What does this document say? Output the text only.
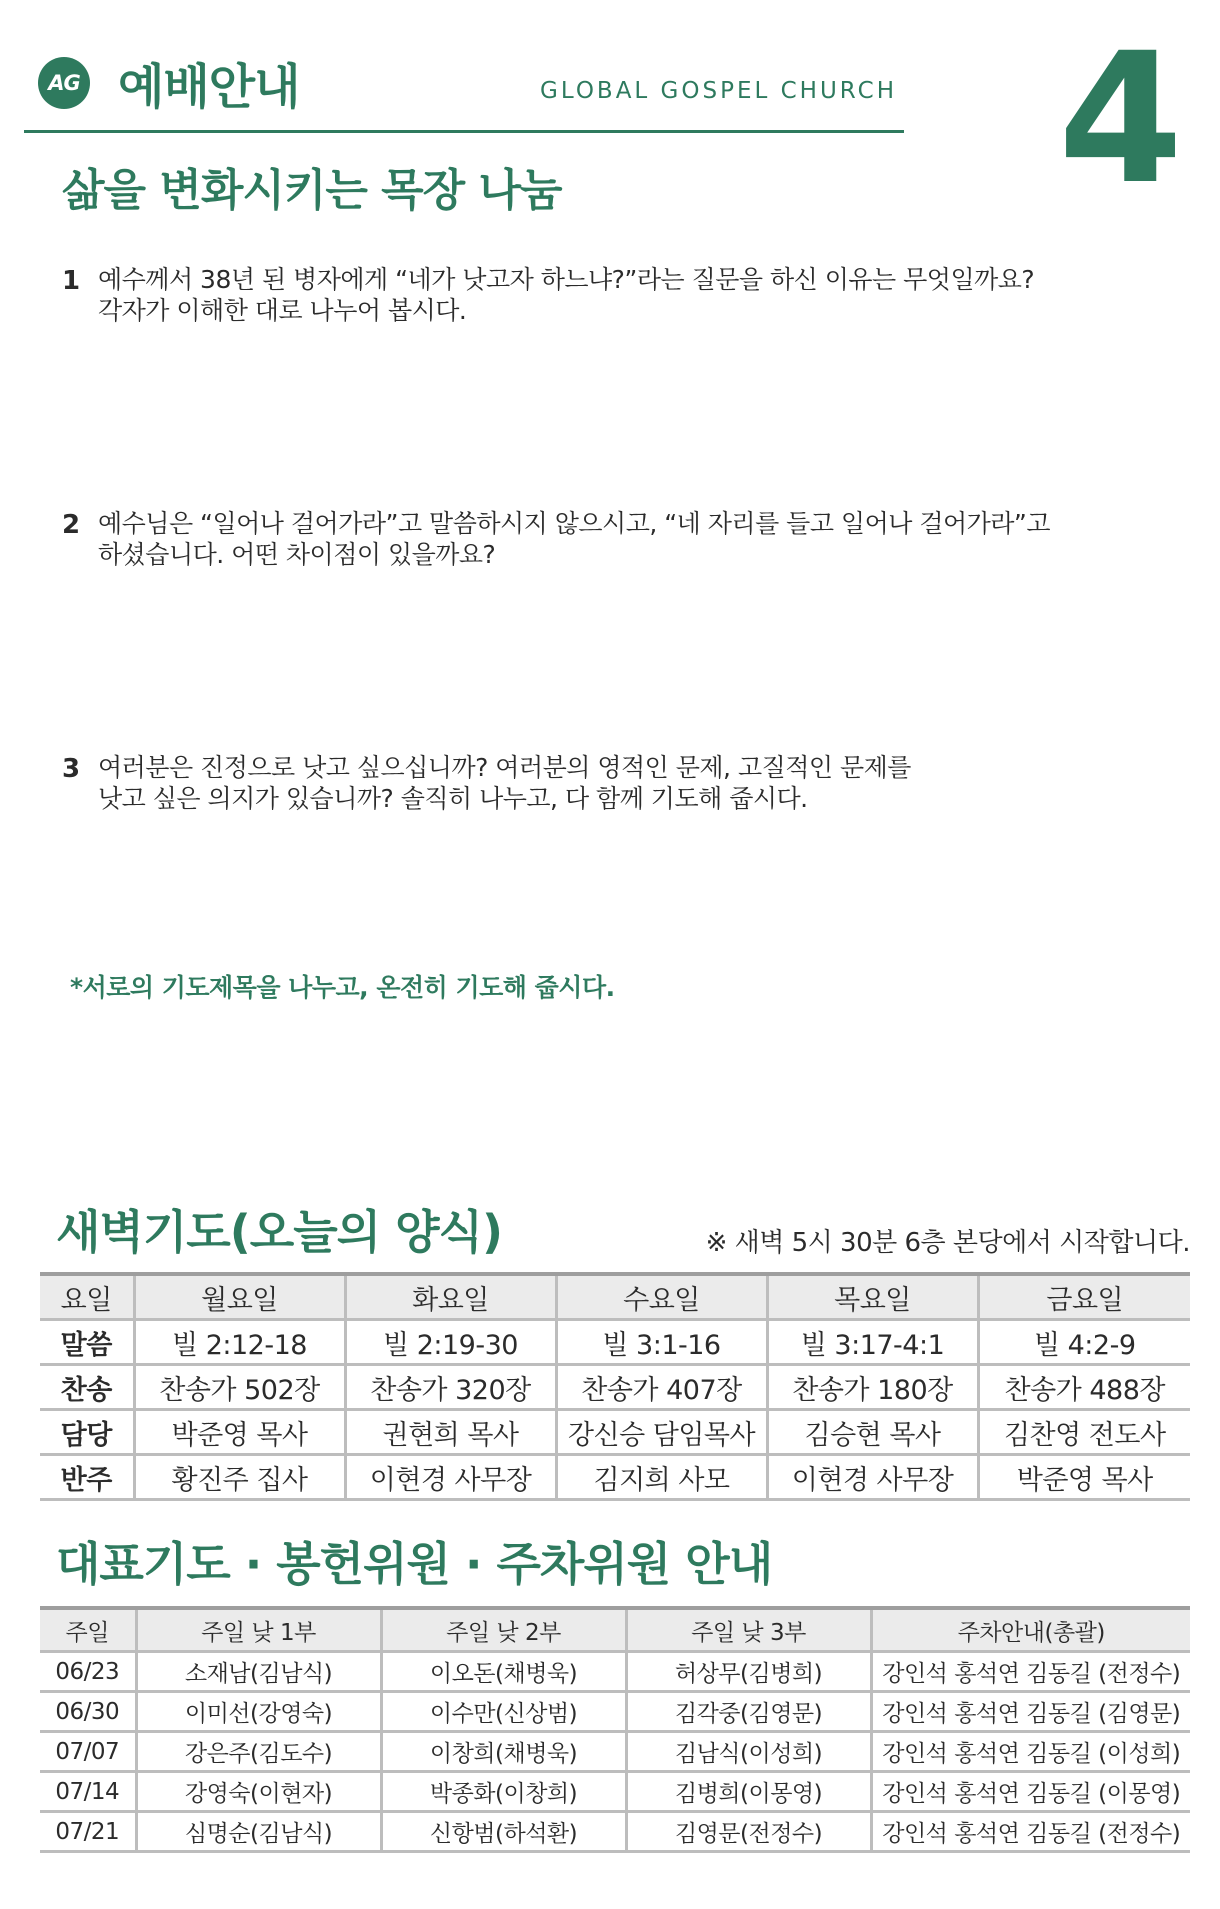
AG 예배안내	GLOBAL GOSPEL CHURCH 4
삶을 변화시키는 목장 나눔
1 예수께서 38년 된 병자에게 “네가 낫고자 하느냐?”라는 질문을 하신 이유는 무엇일까요?
각자가 이해한 대로 나누어 봅시다.
2 예수님은 “일어나 걸어가라”고 말씀하시지 않으시고, “네 자리를 들고 일어나 걸어가라”고
하셨습니다. 어떤 차이점이 있을까요?
3 여러분은 진정으로 낫고 싶으십니까? 여러분의 영적인 문제, 고질적인 문제를
낫고 싶은 의지가 있습니까? 솔직히 나누고, 다 함께 기도해 줍시다.
*서로의 기도제목을 나누고, 온전히 기도해 줍시다.
새벽기도(오늘의 양식)	※ 새벽 5시 30분 6층 본당에서 시작합니다.
요일	월요일	화요일	수요일	목요일	금요일
말씀	빌 2:12-18	빌 2:19-30	빌 3:1-16	빌 3:17-4:1	빌 4:2-9
찬송	찬송가 502장	찬송가 320장	찬송가 407장	찬송가 180장	찬송가 488장
담당	박준영 목사	권현희 목사	강신승 담임목사	김승현 목사	김찬영 전도사
반주	황진주 집사	이현경 사무장	김지희 사모	이현경 사무장	박준영 목사
대표기도 · 봉헌위원 · 주차위원 안내
주일	주일 낮 1부	주일 낮 2부	주일 낮 3부	주차안내(총괄)
06/23	소재남(김남식)	이오돈(채병욱)	허상무(김병희)	강인석 홍석연 김동길 (전정수)
06/30	이미선(강영숙)	이수만(신상범)	김각중(김영문)	강인석 홍석연 김동길 (김영문)
07/07	강은주(김도수)	이창희(채병욱)	김남식(이성희)	강인석 홍석연 김동길 (이성희)
07/14	강영숙(이현자)	박종화(이창희)	김병희(이몽영)	강인석 홍석연 김동길 (이몽영)
07/21	심명순(김남식)	신항범(하석환)	김영문(전정수)	강인석 홍석연 김동길 (전정수)
